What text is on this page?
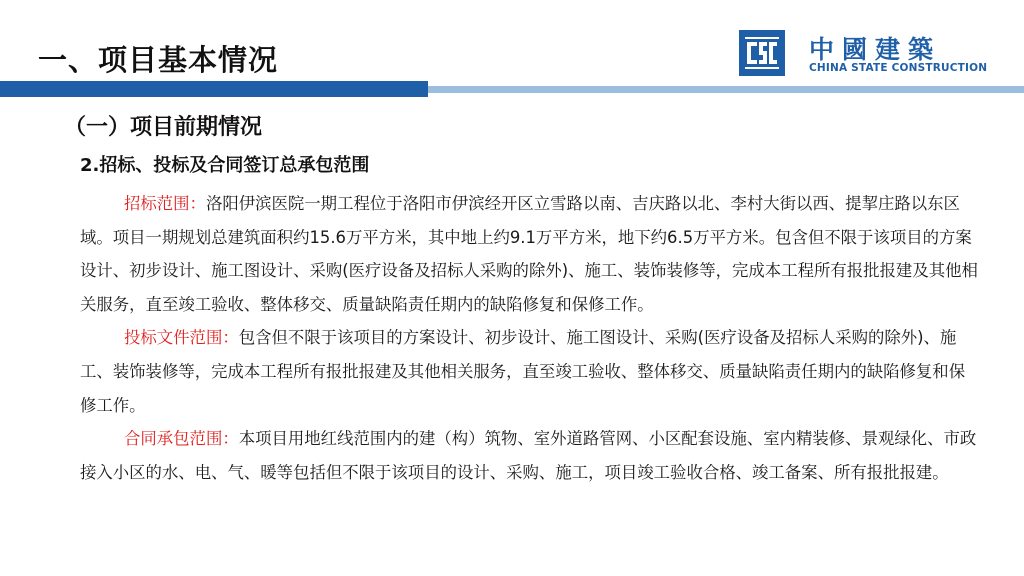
一、项目基本情况	中國建築
CHINA STATE CONSTRUCTION
（一）项目前期情况
2.招标、投标及合同签订总承包范围

招标范围：洛阳伊滨医院一期工程位于洛阳市伊滨经开区立雪路以南、吉庆路以北、李村大街以西、提挈庄路以东区域。项目一期规划总建筑面积约15.6万平方米，其中地上约9.1万平方米，地下约6.5万平方米。包含但不限于该项目的方案设计、初步设计、施工图设计、采购(医疗设备及招标人采购的除外)、施工、装饰装修等，完成本工程所有报批报建及其他相关服务，直至竣工验收、整体移交、质量缺陷责任期内的缺陷修复和保修工作。

投标文件范围：包含但不限于该项目的方案设计、初步设计、施工图设计、采购(医疗设备及招标人采购的除外)、施工、装饰装修等，完成本工程所有报批报建及其他相关服务，直至竣工验收、整体移交、质量缺陷责任期内的缺陷修复和保修工作。

合同承包范围：本项目用地红线范围内的建（构）筑物、室外道路管网、小区配套设施、室内精装修、景观绿化、市政接入小区的水、电、气、暖等包括但不限于该项目的设计、采购、施工，项目竣工验收合格、竣工备案、所有报批报建。
